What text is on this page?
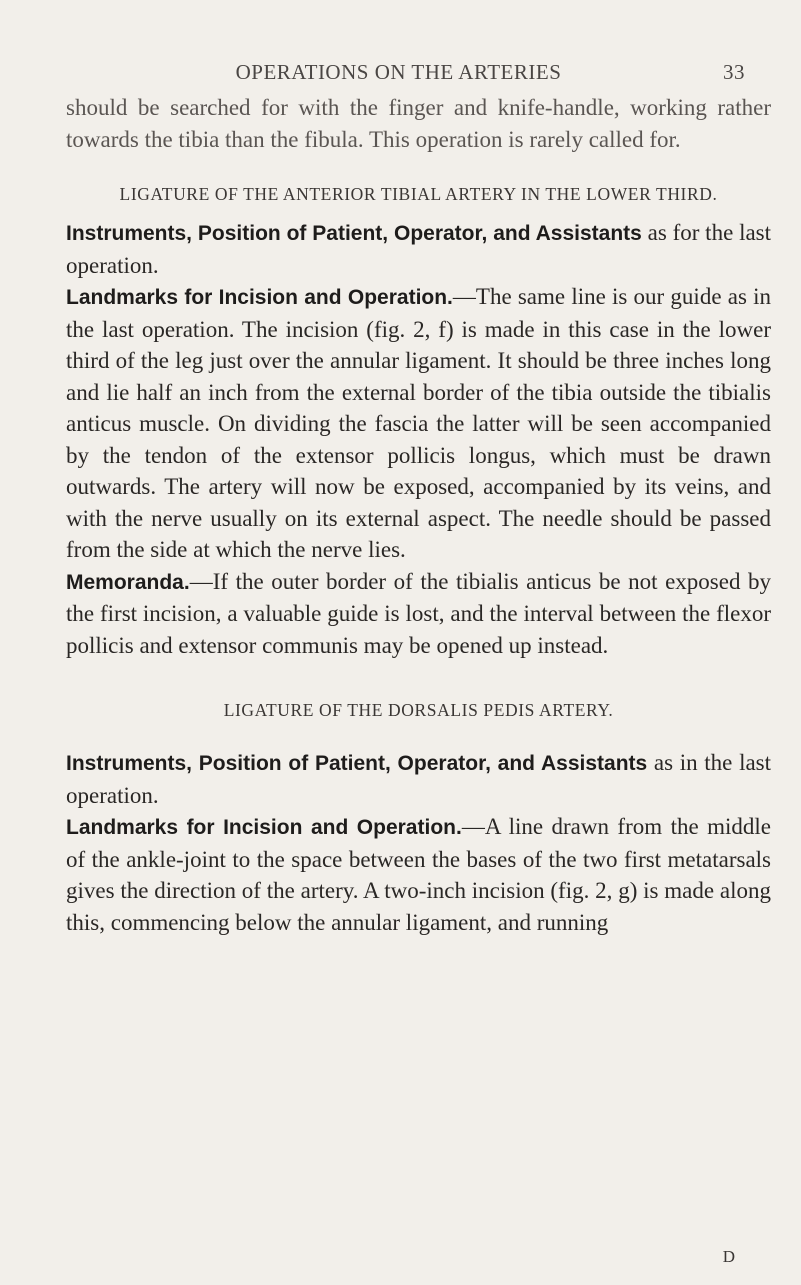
OPERATIONS ON THE ARTERIES	33

should be searched for with the finger and knife-handle, working rather towards the tibia than the fibula. This operation is rarely called for.

LIGATURE OF THE ANTERIOR TIBIAL ARTERY IN THE LOWER THIRD.

Instruments, Position of Patient, Operator, and Assistants as for the last operation.

Landmarks for Incision and Operation.—The same line is our guide as in the last operation. The incision (fig. 2, f) is made in this case in the lower third of the leg just over the annular ligament. It should be three inches long and lie half an inch from the external border of the tibia outside the tibialis anticus muscle. On dividing the fascia the latter will be seen accompanied by the tendon of the extensor pollicis longus, which must be drawn outwards. The artery will now be exposed, accompanied by its veins, and with the nerve usually on its external aspect. The needle should be passed from the side at which the nerve lies.

Memoranda.—If the outer border of the tibialis anticus be not exposed by the first incision, a valuable guide is lost, and the interval between the flexor pollicis and extensor communis may be opened up instead.

LIGATURE OF THE DORSALIS PEDIS ARTERY.

Instruments, Position of Patient, Operator, and Assistants as in the last operation.

Landmarks for Incision and Operation.—A line drawn from the middle of the ankle-joint to the space between the bases of the two first metatarsals gives the direction of the artery. A two-inch incision (fig. 2, g) is made along this, commencing below the annular ligament, and running

D
